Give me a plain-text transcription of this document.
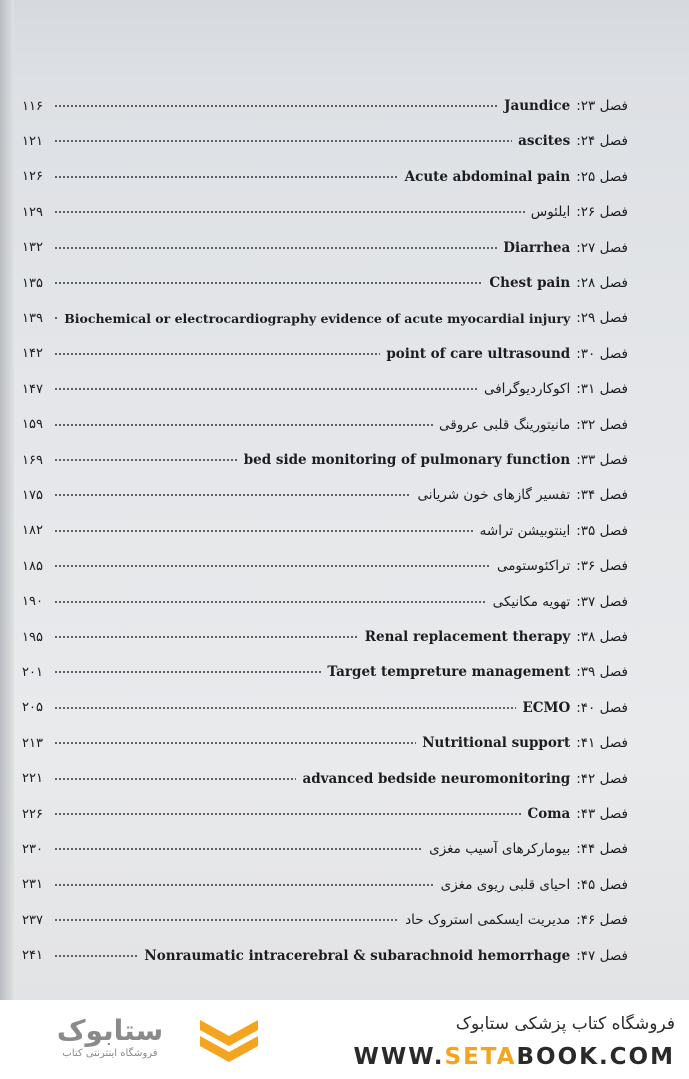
۱۱۶	Jaundice فصل ۲۳:
۱۲۱	ascites فصل ۲۴:
۱۲۶	Acute abdominal pain فصل ۲۵:
۱۲۹	ایلئوس فصل ۲۶:
۱۳۲	Diarrhea فصل ۲۷:
۱۳۵	Chest pain فصل ۲۸:
۱۳۹	Biochemical or electrocardiography evidence of acute myocardial injury فصل ۲۹:
۱۴۲	point of care ultrasound فصل ۳۰:
۱۴۷	اکوکاردیوگرافی فصل ۳۱:
۱۵۹	مانیتورینگ قلبی عروقی فصل ۳۲:
۱۶۹	bed side monitoring of pulmonary function فصل ۳۳:
۱۷۵	تفسیر گازهای خون شریانی فصل ۳۴:
۱۸۲	اینتوبیشن تراشه فصل ۳۵:
۱۸۵	تراکئوستومی فصل ۳۶:
۱۹۰	تهویه مکانیکی فصل ۳۷:
۱۹۵	Renal replacement therapy فصل ۳۸:
۲۰۱	Target tempreture management فصل ۳۹:
۲۰۵	ECMO فصل ۴۰:
۲۱۳	Nutritional support فصل ۴۱:
۲۲۱	advanced bedside neuromonitoring فصل ۴۲:
۲۲۶	Coma فصل ۴۳:
۲۳۰	بیومارکرهای آسیب مغزی فصل ۴۴:
۲۳۱	احیای قلبی ریوی مغزی فصل ۴۵:
۲۳۷	مدیریت ایسکمی استروک حاد فصل ۴۶:
۲۴۱	Nonraumatic intracerebral & subarachnoid hemorrhage فصل ۴۷:
ستابوک
فروشگاه اینترنتی کتاب
فروشگاه کتاب پزشکی ستابوک
WWW.SETABOOK.COM
